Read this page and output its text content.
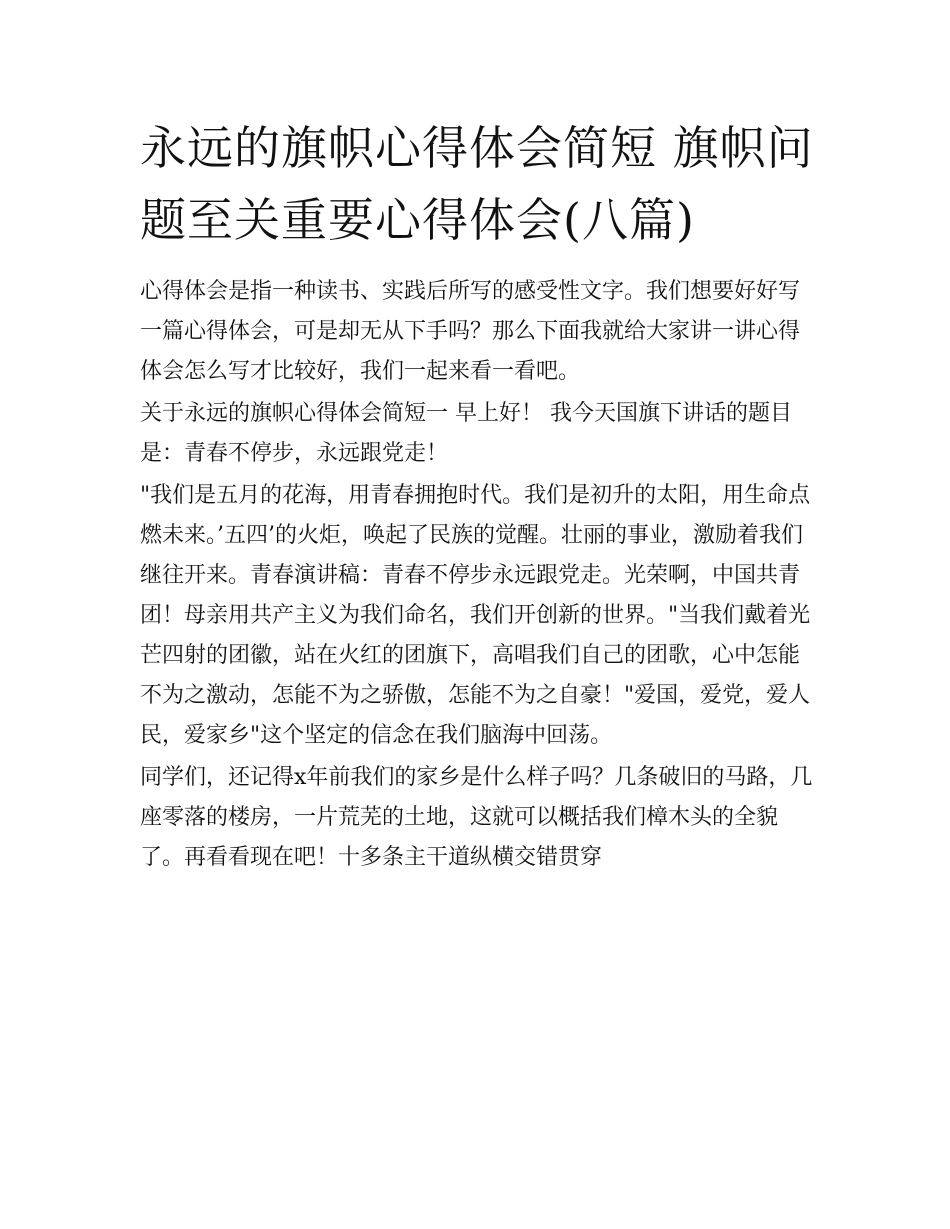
永远的旗帜心得体会简短 旗帜问题至关重要心得体会(八篇)

心得体会是指一种读书、实践后所写的感受性文字。我们想要好好写一篇心得体会，可是却无从下手吗？那么下面我就给大家讲一讲心得体会怎么写才比较好，我们一起来看一看吧。

关于永远的旗帜心得体会简短一 早上好！ 我今天国旗下讲话的题目是：青春不停步，永远跟党走！

"我们是五月的花海，用青春拥抱时代。我们是初升的太阳，用生命点燃未来。’五四’的火炬，唤起了民族的觉醒。壮丽的事业，激励着我们继往开来。青春演讲稿：青春不停步永远跟党走。光荣啊，中国共青团！母亲用共产主义为我们命名，我们开创新的世界。"当我们戴着光芒四射的团徽，站在火红的团旗下，高唱我们自己的团歌，心中怎能不为之激动，怎能不为之骄傲，怎能不为之自豪！"爱国，爱党，爱人民，爱家乡"这个坚定的信念在我们脑海中回荡。

同学们，还记得x年前我们的家乡是什么样子吗？几条破旧的马路，几座零落的楼房，一片荒芜的土地，这就可以概括我们樟木头的全貌了。再看看现在吧！十多条主干道纵横交错贯穿
